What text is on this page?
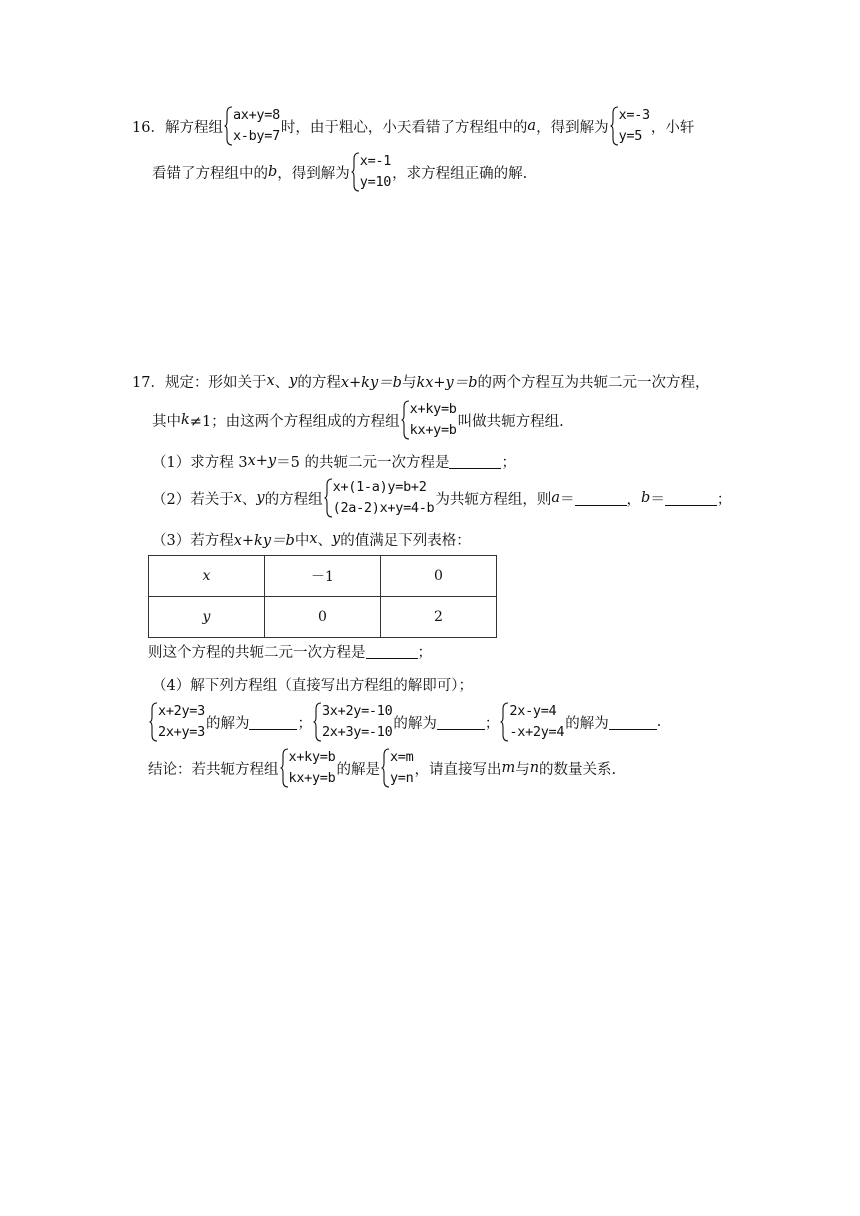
16． 解方程组
ax+y=8
x-by=7
时，由于粗心，小天看错了方程组中的 a ，得到解为
x=-3
y=5
，小轩
看错了方程组中的 b ，得到解为
x=-1
y=10
，求方程组正确的解.
17． 规定：形如关于 x 、 y 的方程 x+ky＝b 与 kx+y＝b 的两个方程互为共轭二元一次方程，
其中 k ≠1；由这两个方程组成的方程组
x+ky=b
kx+y=b
叫做共轭方程组.
（1）求方程 3 x + y ＝5 的共轭二元一次方程是	；
（2）若关于 x 、 y 的方程组
x+(1-a)y=b+2
(2a-2)x+y=4-b
为共轭方程组，则 a ＝	， b ＝	；
（3）若方程 x+ky＝b 中 x 、 y 的值满足下列表格：
x	－1	0
y	0	2
则这个方程的共轭二元一次方程是	；
（4）解下列方程组（直接写出方程组的解即可）；
x+2y=3
2x+y=3
的解为	；
3x+2y=-10
2x+3y=-10
的解为	；
2x-y=4
-x+2y=4
的解为	.
结论：若共轭方程组
x+ky=b
kx+y=b
的解是
x=m
y=n
，请直接写出 m 与 n 的数量关系.
